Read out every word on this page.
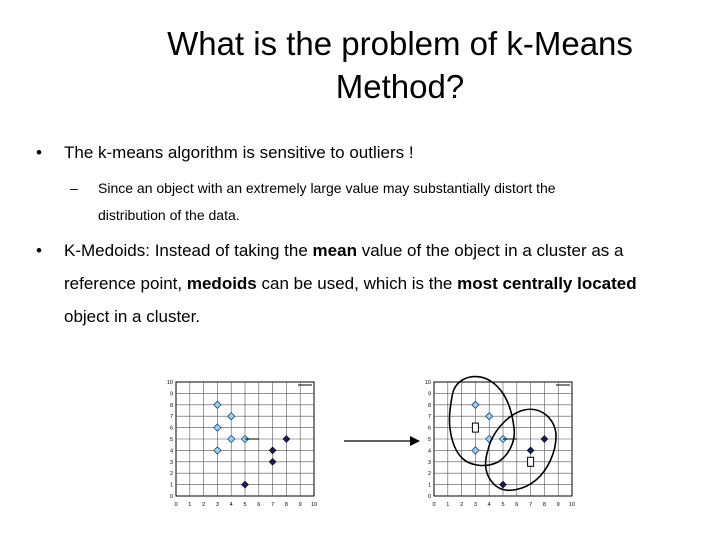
What is the problem of k-Means
Method?
• The k-means algorithm is sensitive to outliers !
– Since an object with an extremely large value may substantially distort the
distribution of the data.
• K-Medoids: Instead of taking the mean value of the object in a cluster as a
reference point, medoids can be used, which is the most centrally located
object in a cluster.
0 1 2 3 4 5 6 7 8 9 10
0
1
2
3
4
5
6
7
8
9
10
0 1 2 3 4 5 6 7 8 9 10
0
1
2
3
4
5
6
7
8
9
10
